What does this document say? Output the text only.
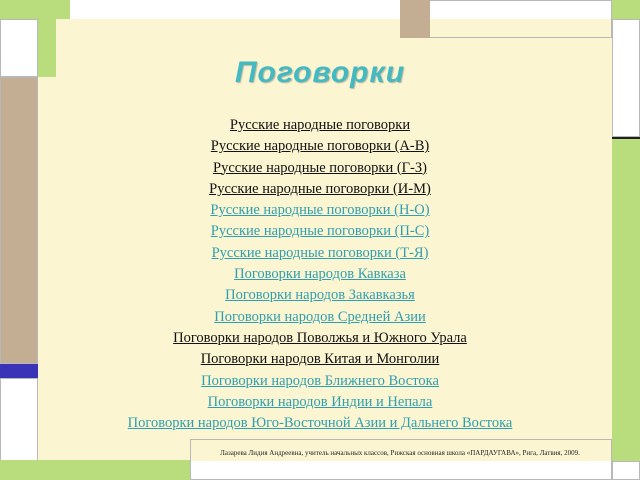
Поговорки
Русские народные поговорки
Русские народные поговорки (А-В)
Русские народные поговорки (Г-З)
Русские народные поговорки (И-М)
Русские народные поговорки (Н-О)
Русские народные поговорки (П-С)
Русские народные поговорки (Т-Я)
Поговорки народов Кавказа
Поговорки народов Закавказья
Поговорки народов Средней Азии
Поговорки народов Поволжья и Южного Урала
Поговорки народов Китая и Монголии
Поговорки народов Ближнего Востока
Поговорки народов Индии и Непала
Поговорки народов Юго-Восточной Азии и Дальнего Востока
Лазарева Лидия Андреевна, учитель начальных классов, Рижская основная школа «ПАРДАУГАВА», Рига, Латвия, 2009.
